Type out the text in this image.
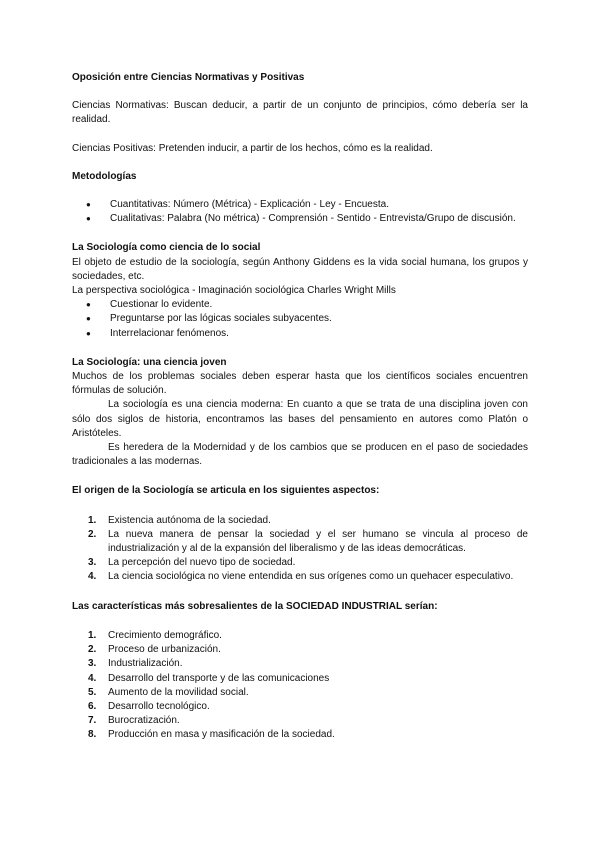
Oposición entre Ciencias Normativas y Positivas

Ciencias Normativas: Buscan deducir, a partir de un conjunto de principios, cómo debería ser la realidad.

Ciencias Positivas: Pretenden inducir, a partir de los hechos, cómo es la realidad.

Metodologías

● Cuantitativas: Número (Métrica) - Explicación - Ley - Encuesta.
● Cualitativas: Palabra (No métrica) - Comprensión - Sentido - Entrevista/Grupo de discusión.

La Sociología como ciencia de lo social

El objeto de estudio de la sociología, según Anthony Giddens es la vida social humana, los grupos y sociedades, etc.

La perspectiva sociológica - Imaginación sociológica Charles Wright Mills

● Cuestionar lo evidente.
● Preguntarse por las lógicas sociales subyacentes.
● Interrelacionar fenómenos.

La Sociología: una ciencia joven

Muchos de los problemas sociales deben esperar hasta que los científicos sociales encuentren fórmulas de solución.

La sociología es una ciencia moderna: En cuanto a que se trata de una disciplina joven con sólo dos siglos de historia, encontramos las bases del pensamiento en autores como Platón o Aristóteles.

Es heredera de la Modernidad y de los cambios que se producen en el paso de sociedades tradicionales a las modernas.

El origen de la Sociología se articula en los siguientes aspectos:

1. Existencia autónoma de la sociedad.
2. La nueva manera de pensar la sociedad y el ser humano se vincula al proceso de industrialización y al de la expansión del liberalismo y de las ideas democráticas.
3. La percepción del nuevo tipo de sociedad.
4. La ciencia sociológica no viene entendida en sus orígenes como un quehacer especulativo.

Las características más sobresalientes de la SOCIEDAD INDUSTRIAL serían:

1. Crecimiento demográfico.
2. Proceso de urbanización.
3. Industrialización.
4. Desarrollo del transporte y de las comunicaciones
5. Aumento de la movilidad social.
6. Desarrollo tecnológico.
7. Burocratización.
8. Producción en masa y masificación de la sociedad.
